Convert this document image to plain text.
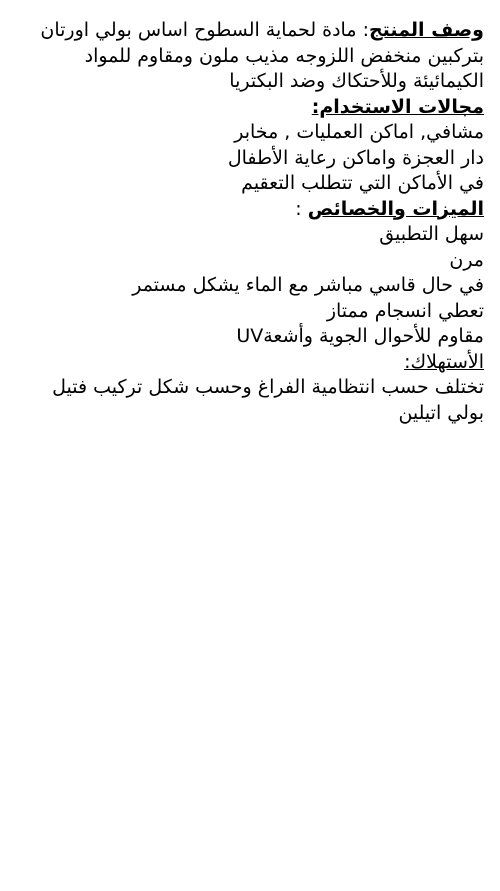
وصف المنتج: مادة لحماية السطوح اساس بولي اورتان
بتركبين منخفض اللزوجه مذيب ملون ومقاوم للمواد
الكيمائيئة وللأحتكاك وضد البكتريا

مجالات الاستخدام:

مشافي, اماكن العمليات , مخابر

دار العجزة واماكن رعاية الأطفال

في الأماكن التي تتطلب التعقيم

الميزات والخصائص :

سهل التطبيق

مرن

في حال قاسي مباشر مع الماء يشكل مستمر

تعطي انسجام ممتاز

مقاوم للأحوال الجوية وأشعةUV

الأستهلاك:

تختلف حسب انتظامية الفراغ وحسب شكل تركيب فتيل

بولي اتيلين
